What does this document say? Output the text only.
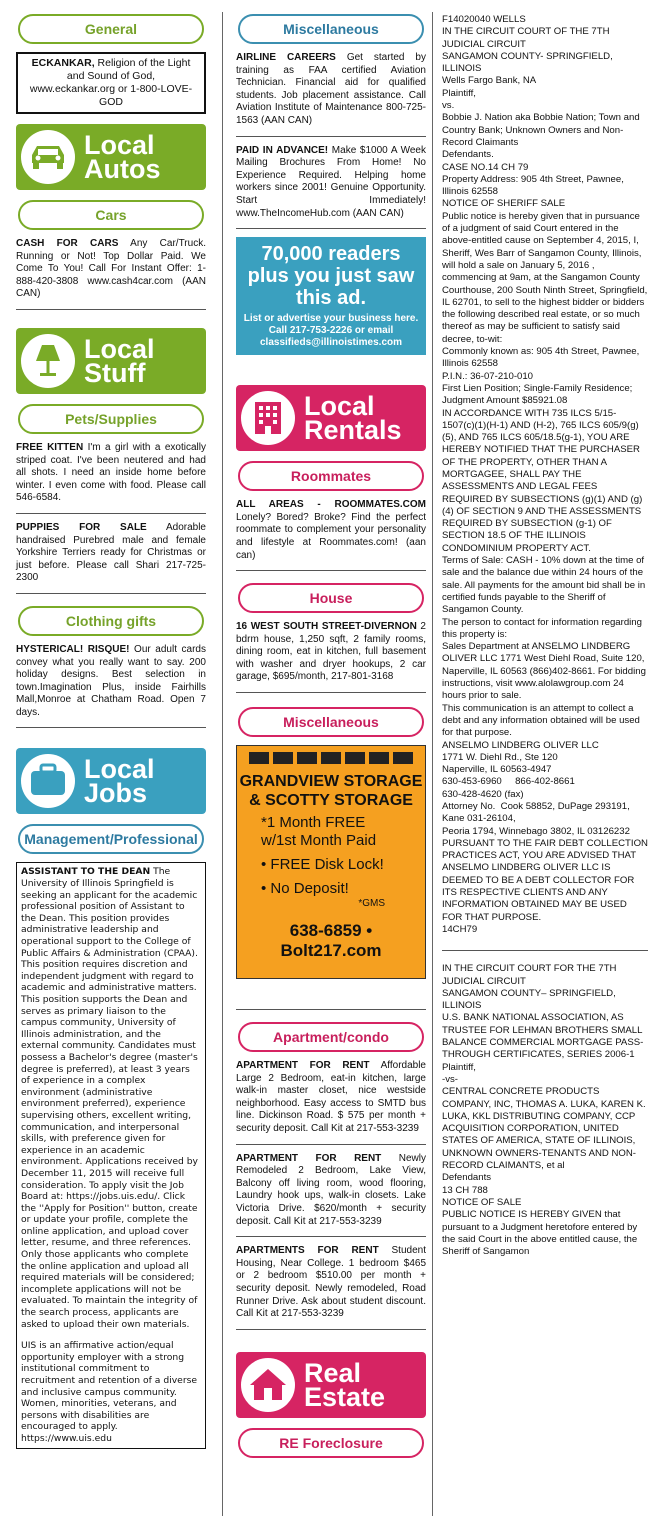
General
ECKANKAR, Religion of the Light and Sound of God, www.eckankar.org or 1-800-LOVE-GOD
Local Autos
Cars
CASH FOR CARS Any Car/Truck. Running or Not! Top Dollar Paid. We Come To You! Call For Instant Offer: 1-888-420-3808 www.cash4car.com (AAN CAN)
Local Stuff
Pets/Supplies
FREE KITTEN I'm a girl with a exotically striped coat. I've been neutered and had all shots. I need an inside home before winter. I even come with food. Please call 546-6584.
PUPPIES FOR SALE Adorable handraised Purebred male and female Yorkshire Terriers ready for Christmas or just before. Please call Shari 217-725-2300
Clothing gifts
HYSTERICAL! RISQUE! Our adult cards convey what you really want to say. 200 holiday designs. Best selection in town.Imagination Plus, inside Fairhills Mall,Monroe at Chatham Road. Open 7 days.
Local Jobs
Management/Professional
ASSISTANT TO THE DEAN The University of Illinois Springfield is seeking an applicant for the academic professional position of Assistant to the Dean. This position provides administrative leadership and operational support to the College of Public Affairs & Administration (CPAA). This position requires discretion and independent judgment with regard to academic and administrative matters. This position supports the Dean and serves as primary liaison to the campus community, University of Illinois administration, and the external community. Candidates must possess a Bachelor's degree (master's degree is preferred), at least 3 years of experience in a complex environment (administrative environment preferred), experience supervising others, excellent writing, communication, and interpersonal skills, with preference given for experience in an academic environment. Applications received by December 11, 2015 will receive full consideration. To apply visit the Job Board at: https://jobs.uis.edu/. Click the ''Apply for Position'' button, create or update your profile, complete the online application, and upload cover letter, resume, and three references. Only those applicants who complete the online application and upload all required materials will be considered; incomplete applications will not be evaluated. To maintain the integrity of the search process, applicants are asked to upload their own materials.
UIS is an affirmative action/equal opportunity employer with a strong institutional commitment to recruitment and retention of a diverse and inclusive campus community. Women, minorities, veterans, and persons with disabilities are encouraged to apply. https://www.uis.edu
Miscellaneous
AIRLINE CAREERS Get started by training as FAA certified Aviation Technician. Financial aid for qualified students. Job placement assistance. Call Aviation Institute of Maintenance 800-725-1563 (AAN CAN)
PAID IN ADVANCE! Make $1000 A Week Mailing Brochures From Home! No Experience Required. Helping home workers since 2001! Genuine Opportunity. Start Immediately! www.TheIncomeHub.com (AAN CAN)
70,000 readers plus you just saw this ad.
List or advertise your business here. Call 217-753-2226 or email classifieds@illinoistimes.com
Local Rentals
Roommates
ALL AREAS - ROOMMATES.COM Lonely? Bored? Broke? Find the perfect roommate to complement your personality and lifestyle at Roommates.com! (aan can)
House
16 WEST SOUTH STREET-DIVERNON 2 bdrm house, 1,250 sqft, 2 family rooms, dining room, eat in kitchen, full basement with washer and dryer hookups, 2 car garage, $695/month, 217-801-3168
Miscellaneous
GRANDVIEW STORAGE
& SCOTTY STORAGE
*1 Month FREE
w/1st Month Paid
• FREE Disk Lock!
• No Deposit!
*GMS
638-6859 • Bolt217.com
Apartment/condo
APARTMENT FOR RENT Affordable Large 2 Bedroom, eat-in kitchen, large walk-in master closet, nice westside neighborhood. Easy access to SMTD bus line. Dickinson Road. $ 575 per month + security deposit. Call Kit at 217-553-3239
APARTMENT FOR RENT Newly Remodeled 2 Bedroom, Lake View, Balcony off living room, wood flooring, Laundry hook ups, walk-in closets. Lake Victoria Drive. $620/month + security deposit. Call Kit at 217-553-3239
APARTMENTS FOR RENT Student Housing, Near College. 1 bedroom $465 or 2 bedroom $510.00 per month + security deposit. Newly remodeled, Road Runner Drive. Ask about student discount. Call Kit at 217-553-3239
Real Estate
RE Foreclosure
F14020040 WELLS
IN THE CIRCUIT COURT OF THE 7TH JUDICIAL CIRCUIT
SANGAMON COUNTY- SPRINGFIELD, ILLINOIS
Wells Fargo Bank, NA
Plaintiff,
vs.
Bobbie J. Nation aka Bobbie Nation; Town and Country Bank; Unknown Owners and Non-Record Claimants
Defendants.
CASE NO.14 CH 79
Property Address: 905 4th Street, Pawnee, Illinois 62558
NOTICE OF SHERIFF SALE
Public notice is hereby given that in pursuance of a judgment of said Court entered in the above-entitled cause on September 4, 2015, I, Sheriff, Wes Barr of Sangamon County, Illinois, will hold a sale on January 5, 2016 , commencing at 9am, at the Sangamon County Courthouse, 200 South Ninth Street, Springfield, IL 62701, to sell to the highest bidder or bidders the following described real estate, or so much thereof as may be sufficient to satisfy said decree, to-wit:
Commonly known as: 905 4th Street, Pawnee, Illinois 62558
P.I.N.: 36-07-210-010
First Lien Position; Single-Family Residence; Judgment Amount $85921.08
IN ACCORDANCE WITH 735 ILCS 5/15-1507(c)(1)(H-1) AND (H-2), 765 ILCS 605/9(g)(5), AND 765 ILCS 605/18.5(g-1), YOU ARE HEREBY NOTIFIED THAT THE PURCHASER OF THE PROPERTY, OTHER THAN A MORTGAGEE, SHALL PAY THE ASSESSMENTS AND LEGAL FEES REQUIRED BY SUBSECTIONS (g)(1) AND (g)(4) OF SECTION 9 AND THE ASSESSMENTS REQUIRED BY SUBSECTION (g-1) OF SECTION 18.5 OF THE ILLINOIS CONDOMINIUM PROPERTY ACT.
Terms of Sale: CASH - 10% down at the time of sale and the balance due within 24 hours of the sale. All payments for the amount bid shall be in certified funds payable to the Sheriff of Sangamon County.
The person to contact for information regarding this property is:
Sales Department at ANSELMO LINDBERG OLIVER LLC 1771 West Diehl Road, Suite 120, Naperville, IL 60563 (866)402-8661. For bidding instructions, visit www.alolawgroup.com 24 hours prior to sale.
This communication is an attempt to collect a debt and any information obtained will be used for that purpose.
ANSELMO LINDBERG OLIVER LLC
1771 W. Diehl Rd., Ste 120
Naperville, IL 60563-4947
630-453-6960     866-402-8661
630-428-4620 (fax)
Attorney No.  Cook 58852, DuPage 293191, Kane 031-26104,
Peoria 1794, Winnebago 3802, IL 03126232
PURSUANT TO THE FAIR DEBT COLLECTION PRACTICES ACT, YOU ARE ADVISED THAT ANSELMO LINDBERG OLIVER LLC IS DEEMED TO BE A DEBT COLLECTOR FOR ITS RESPECTIVE CLIENTS AND ANY INFORMATION OBTAINED MAY BE USED FOR THAT PURPOSE.
14CH79
IN THE CIRCUIT COURT FOR THE 7TH JUDICIAL CIRCUIT
SANGAMON COUNTY– SPRINGFIELD, ILLINOIS
U.S. BANK NATIONAL ASSOCIATION, AS TRUSTEE FOR LEHMAN BROTHERS SMALL BALANCE COMMERCIAL MORTGAGE PASS-THROUGH CERTIFICATES, SERIES 2006-1
Plaintiff,
-vs-
CENTRAL CONCRETE PRODUCTS COMPANY, INC, THOMAS A. LUKA, KAREN K. LUKA, KKL DISTRIBUTING COMPANY, CCP ACQUISITION CORPORATION, UNITED STATES OF AMERICA, STATE OF ILLINOIS, UNKNOWN OWNERS-TENANTS AND NON-RECORD CLAIMANTS, et al
Defendants
13 CH 788
NOTICE OF SALE
PUBLIC NOTICE IS HEREBY GIVEN that pursuant to a Judgment heretofore entered by the said Court in the above entitled cause, the Sheriff of Sangamon
